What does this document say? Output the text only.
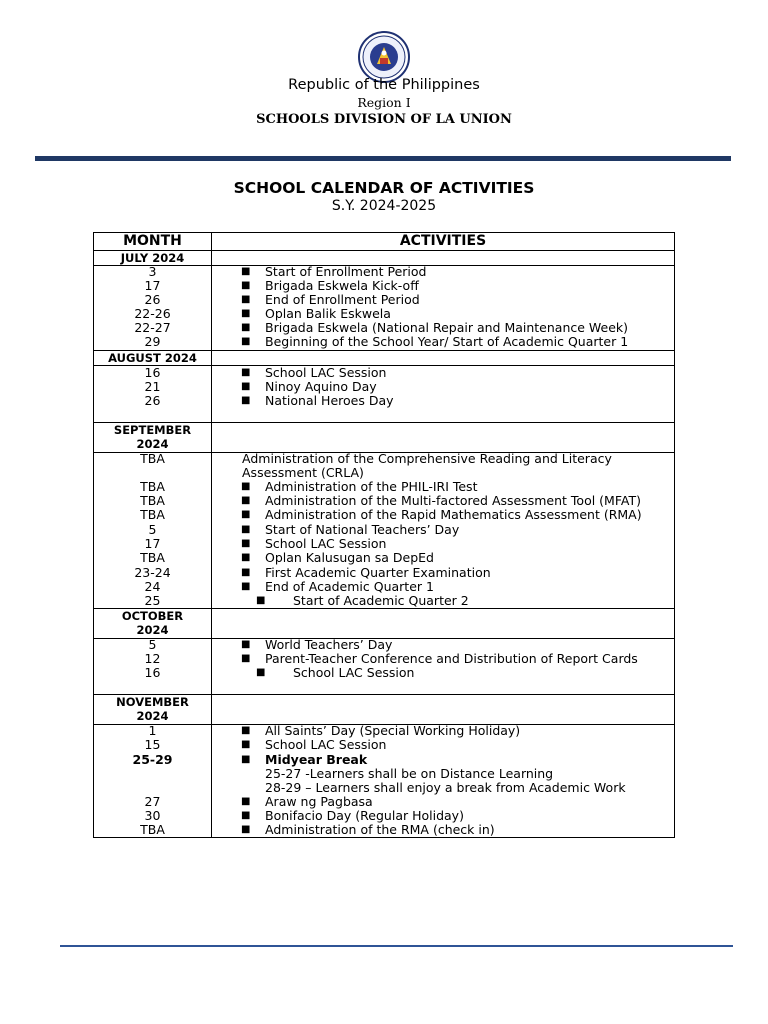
Republic of the Philippines
Region I
SCHOOLS DIVISION OF LA UNION
SCHOOL CALENDAR OF ACTIVITIES
S.Y. 2024-2025
MONTH	ACTIVITIES
JULY 2024
3	■ Start of Enrollment Period
17	■ Brigada Eskwela Kick-off
26	■ End of Enrollment Period
22-26	■ Oplan Balik Eskwela
22-27	■ Brigada Eskwela (National Repair and Maintenance Week)
29	■ Beginning of the School Year/ Start of Academic Quarter 1
AUGUST 2024
16	■ School LAC Session
21	■ Ninoy Aquino Day
26	■ National Heroes Day
SEPTEMBER
2024
TBA	Administration of the Comprehensive Reading and Literacy
Assessment (CRLA)
TBA	■ Administration of the PHIL-IRI Test
TBA	■ Administration of the Multi-factored Assessment Tool (MFAT)
TBA	■ Administration of the Rapid Mathematics Assessment (RMA)
5	■ Start of National Teachers’ Day
17	■ School LAC Session
TBA	■ Oplan Kalusugan sa DepEd
23-24	■ First Academic Quarter Examination
24	■ End of Academic Quarter 1
25	■ Start of Academic Quarter 2
OCTOBER
2024
5	■ World Teachers’ Day
12	■ Parent-Teacher Conference and Distribution of Report Cards
16	■ School LAC Session
NOVEMBER
2024
1	■ All Saints’ Day (Special Working Holiday)
15	■ School LAC Session
25-29	■ Midyear Break
25-27 -Learners shall be on Distance Learning
28-29 – Learners shall enjoy a break from Academic Work
27	■ Araw ng Pagbasa
30	■ Bonifacio Day (Regular Holiday)
TBA	■ Administration of the RMA (check in)
